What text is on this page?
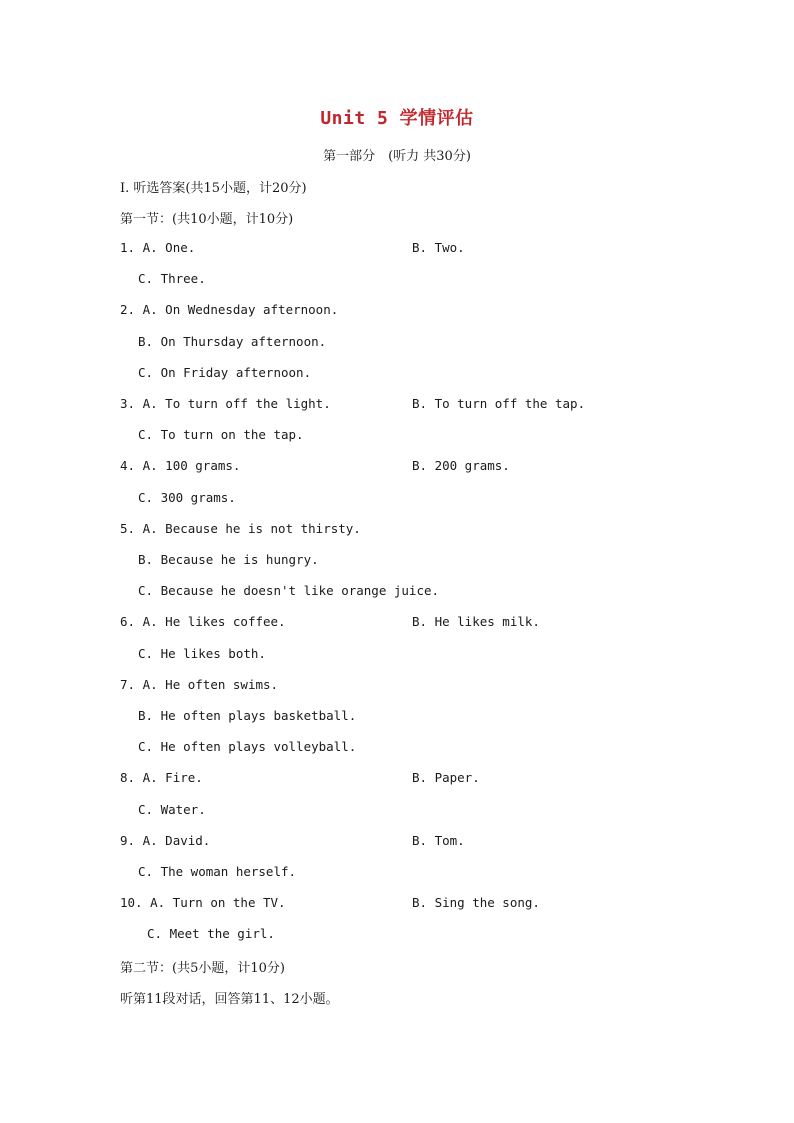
Unit 5 学情评估
第一部分　(听力 共30分)
Ⅰ. 听选答案(共15小题，计20分)
第一节：(共10小题，计10分)
1. A. One.	B. Two.
C. Three.
2. A. On Wednesday afternoon.
B. On Thursday afternoon.
C. On Friday afternoon.
3. A. To turn off the light.	B. To turn off the tap.
C. To turn on the tap.
4. A. 100 grams.	B. 200 grams.
C. 300 grams.
5. A. Because he is not thirsty.
B. Because he is hungry.
C. Because he doesn't like orange juice.
6. A. He likes coffee.	B. He likes milk.
C. He likes both.
7. A. He often swims.
B. He often plays basketball.
C. He often plays volleyball.
8. A. Fire.	B. Paper.
C. Water.
9. A. David.	B. Tom.
C. The woman herself.
10. A. Turn on the TV.	B. Sing the song.
C. Meet the girl.
第二节：(共5小题，计10分)
听第11段对话，回答第11、12小题。
